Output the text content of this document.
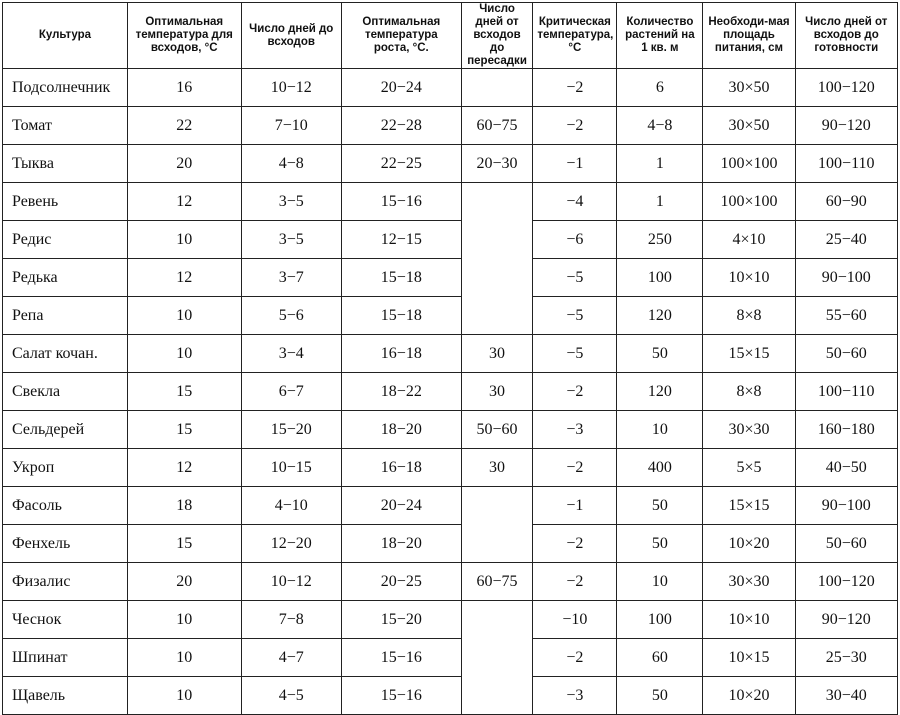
Культура	Оптимальная температура для всходов, °С	Число дней до всходов	Оптимальная температура роста, °С.	Число дней от всходов до пересадки	Критическая температура, °С	Количество растений на 1 кв. м	Необходи-мая площадь питания, см	Число дней от всходов до готовности
Подсолнечник	16	10−12	20−24		−2	6	30×50	100−120
Томат	22	7−10	22−28	60−75	−2	4−8	30×50	90−120
Тыква	20	4−8	22−25	20−30	−1	1	100×100	100−110
Ревень	12	3−5	15−16		−4	1	100×100	60−90
Редис	10	3−5	12−15		−6	250	4×10	25−40
Редька	12	3−7	15−18		−5	100	10×10	90−100
Репа	10	5−6	15−18		−5	120	8×8	55−60
Салат кочан.	10	3−4	16−18	30	−5	50	15×15	50−60
Свекла	15	6−7	18−22	30	−2	120	8×8	100−110
Сельдерей	15	15−20	18−20	50−60	−3	10	30×30	160−180
Укроп	12	10−15	16−18	30	−2	400	5×5	40−50
Фасоль	18	4−10	20−24		−1	50	15×15	90−100
Фенхель	15	12−20	18−20		−2	50	10×20	50−60
Физалис	20	10−12	20−25	60−75	−2	10	30×30	100−120
Чеснок	10	7−8	15−20		−10	100	10×10	90−120
Шпинат	10	4−7	15−16		−2	60	10×15	25−30
Щавель	10	4−5	15−16		−3	50	10×20	30−40
